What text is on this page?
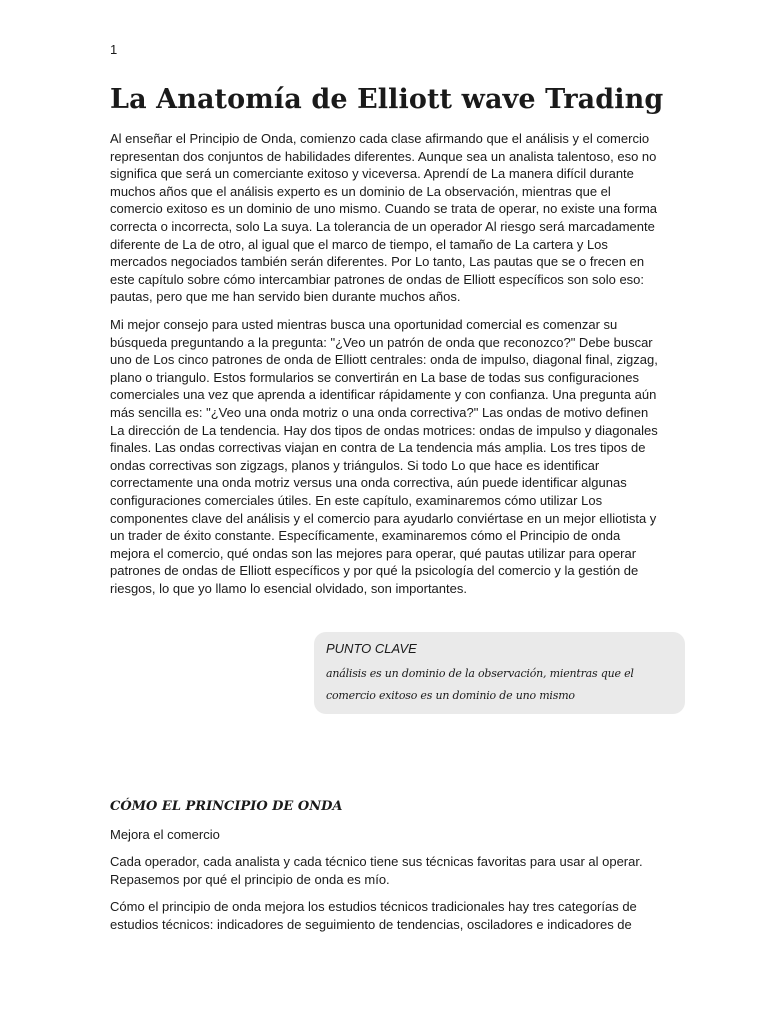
1
La Anatomía de Elliott wave Trading

Al enseñar el Principio de Onda, comienzo cada clase afirmando que el análisis y el comercio representan dos conjuntos de habilidades diferentes. Aunque sea un analista talentoso, eso no significa que será un comerciante exitoso y viceversa. Aprendí de La manera difícil durante muchos años que el análisis experto es un dominio de La observación, mientras que el comercio exitoso es un dominio de uno mismo. Cuando se trata de operar, no existe una forma correcta o incorrecta, solo La suya. La tolerancia de un operador Al riesgo será marcadamente diferente de La de otro, al igual que el marco de tiempo, el tamaño de La cartera y Los mercados negociados también serán diferentes. Por Lo tanto, Las pautas que se o frecen en este capítulo sobre cómo intercambiar patrones de ondas de Elliott específicos son solo eso: pautas, pero que me han servido bien durante muchos años.

Mi mejor consejo para usted mientras busca una oportunidad comercial es comenzar su búsqueda preguntando a la pregunta: "¿Veo un patrón de onda que reconozco?" Debe buscar uno de Los cinco patrones de onda de Elliott centrales: onda de impulso, diagonal final, zigzag, plano o triangulo. Estos formularios se convertirán en La base de todas sus configuraciones comerciales una vez que aprenda a identificar rápidamente y con confianza. Una pregunta aún más sencilla es: "¿Veo una onda motriz o una onda correctiva?" Las ondas de motivo definen La dirección de La tendencia. Hay dos tipos de ondas motrices: ondas de impulso y diagonales finales. Las ondas correctivas viajan en contra de La tendencia más amplia. Los tres tipos de ondas correctivas son zigzags, planos y triángulos. Si todo Lo que hace es identificar correctamente una onda motriz versus una onda correctiva, aún puede identificar algunas configuraciones comerciales útiles. En este capítulo, examinaremos cómo utilizar Los componentes clave del análisis y el comercio para ayudarlo conviértase en un mejor elliotista y un trader de éxito constante. Específicamente, examinaremos cómo el Principio de onda mejora el comercio, qué ondas son las mejores para operar, qué pautas utilizar para operar patrones de ondas de Elliott específicos y por qué la psicología del comercio y la gestión de riesgos, lo que yo llamo lo esencial olvidado, son importantes.

PUNTO CLAVE
análisis es un dominio de la observación, mientras que el comercio exitoso es un dominio de uno mismo
CÓMO EL PRINCIPIO DE ONDA

Mejora el comercio

Cada operador, cada analista y cada técnico tiene sus técnicas favoritas para usar al operar. Repasemos por qué el principio de onda es mío.

Cómo el principio de onda mejora los estudios técnicos tradicionales hay tres categorías de estudios técnicos: indicadores de seguimiento de tendencias, osciladores e indicadores de
